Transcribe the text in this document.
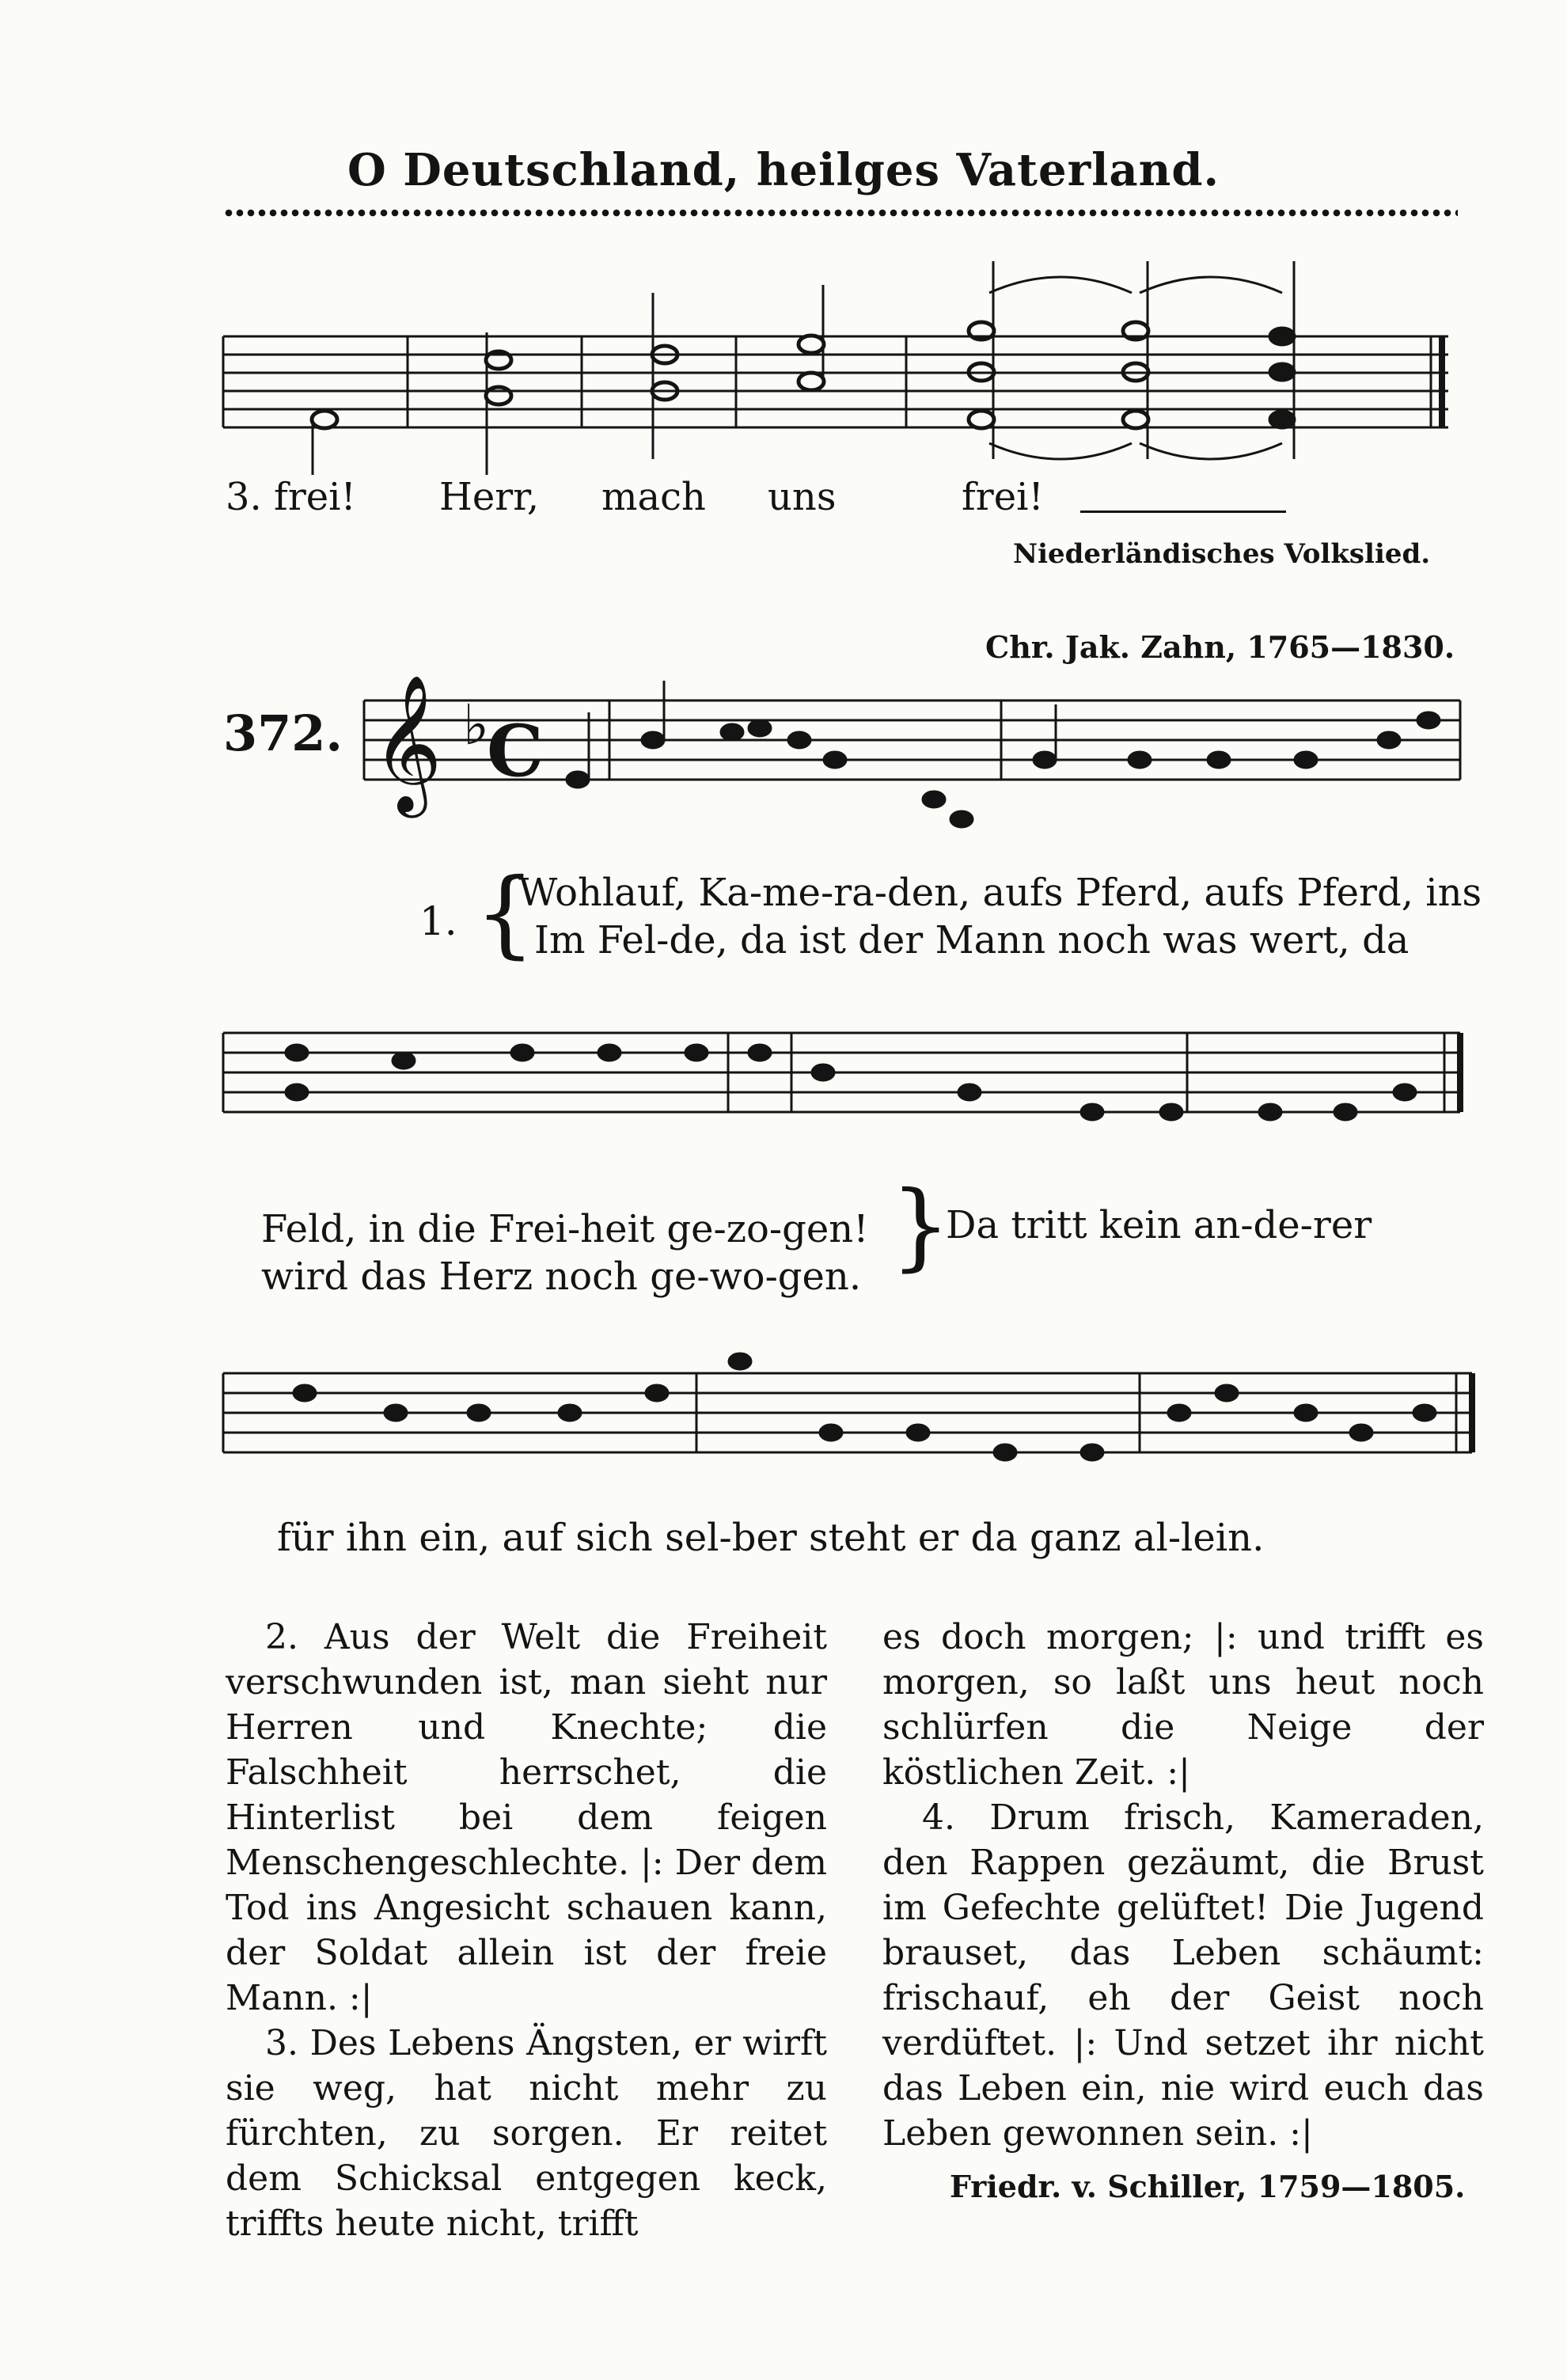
O Deutschland, heilges Vaterland.
𝄞 ♭
C
3. frei! Herr, mach uns	frei!
Niederländisches Volkslied.
Chr. Jak. Zahn, 1765—1830.
372.
1. {
Wohlauf, Ka-me-ra-den, aufs Pferd, aufs Pferd, ins
Im Fel-de, da ist der Mann noch was wert, da
Feld, in die Frei-heit ge-zo-gen!
wird das Herz noch ge-wo-gen. }
Da tritt kein an-de-rer
für ihn ein, auf sich sel-ber steht er da ganz al-lein.

2. Aus der Welt die Freiheit verschwunden ist, man sieht nur Herren und Knechte; die Falschheit herrschet, die Hinterlist bei dem feigen Menschengeschlechte. |: Der dem Tod ins Angesicht schauen kann, der Soldat allein ist der freie Mann. :|

3. Des Lebens Ängsten, er wirft sie weg, hat nicht mehr zu fürchten, zu sorgen. Er reitet dem Schicksal entgegen keck, triffts heute nicht, trifft

es doch morgen; |: und trifft es morgen, so laßt uns heut noch schlürfen die Neige der köstlichen Zeit. :|

4. Drum frisch, Kameraden, den Rappen gezäumt, die Brust im Gefechte gelüftet! Die Jugend brauset, das Leben schäumt: frischauf, eh der Geist noch verdüftet. |: Und setzet ihr nicht das Leben ein, nie wird euch das Leben gewonnen sein. :|

Friedr. v. Schiller, 1759—1805.
